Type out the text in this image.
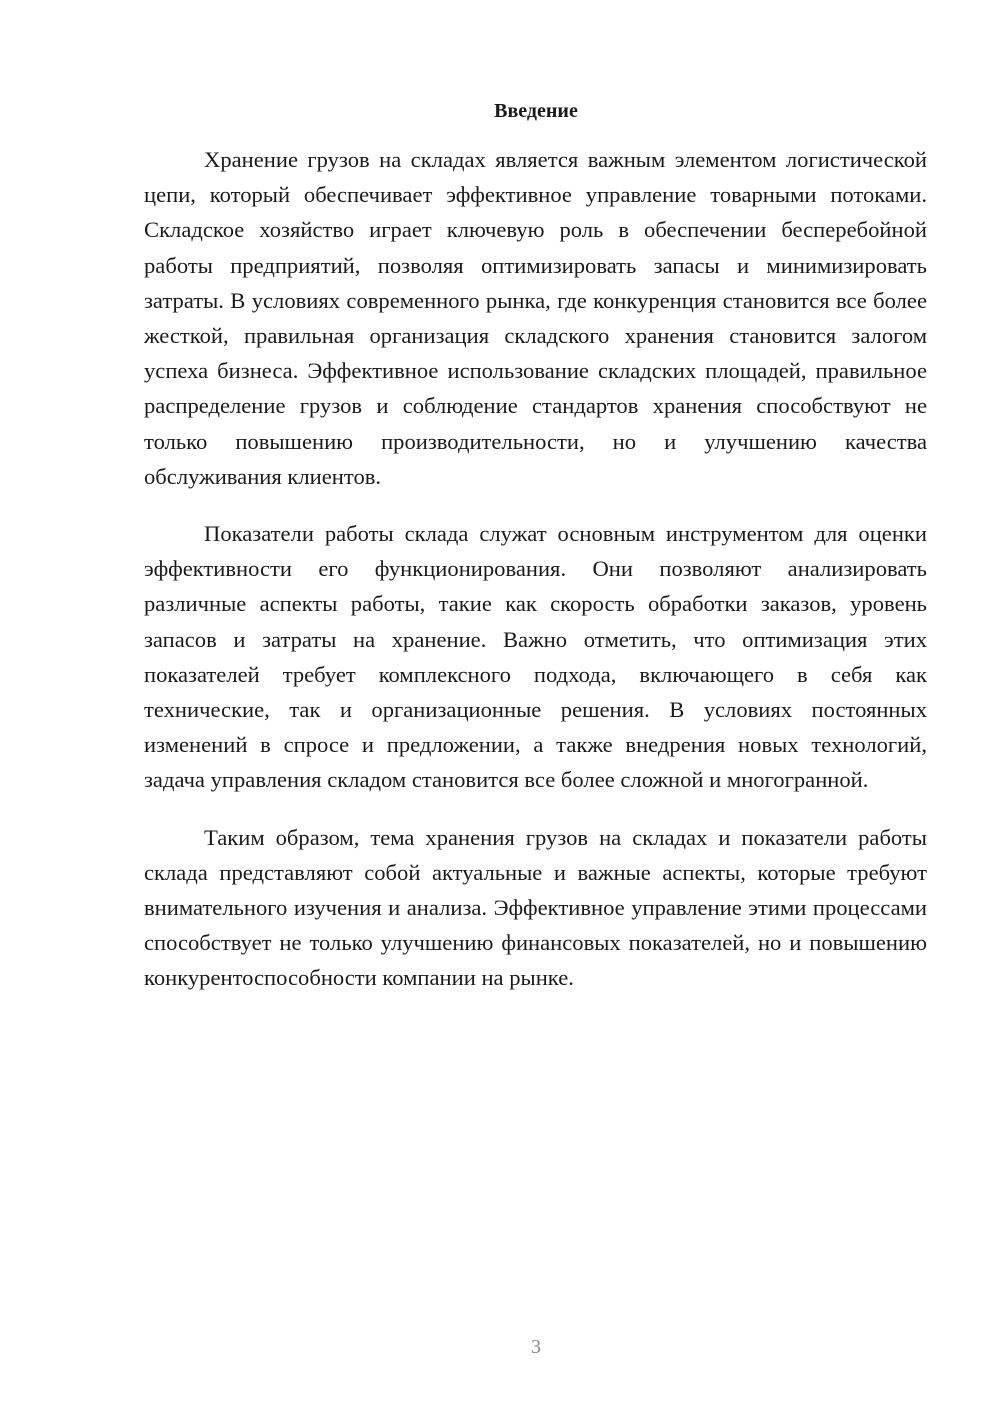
Введение

Хранение грузов на складах является важным элементом логистической цепи, который обеспечивает эффективное управление товарными потоками. Складское хозяйство играет ключевую роль в обеспечении бесперебойной работы предприятий, позволяя оптимизировать запасы и минимизировать затраты. В условиях современного рынка, где конкуренция становится все более жесткой, правильная организация складского хранения становится залогом успеха бизнеса. Эффективное использование складских площадей, правильное распределение грузов и соблюдение стандартов хранения способствуют не только повышению производительности, но и улучшению качества обслуживания клиентов.

Показатели работы склада служат основным инструментом для оценки эффективности его функционирования. Они позволяют анализировать различные аспекты работы, такие как скорость обработки заказов, уровень запасов и затраты на хранение. Важно отметить, что оптимизация этих показателей требует комплексного подхода, включающего в себя как технические, так и организационные решения. В условиях постоянных изменений в спросе и предложении, а также внедрения новых технологий, задача управления складом становится все более сложной и многогранной.

Таким образом, тема хранения грузов на складах и показатели работы склада представляют собой актуальные и важные аспекты, которые требуют внимательного изучения и анализа. Эффективное управление этими процессами способствует не только улучшению финансовых показателей, но и повышению конкурентоспособности компании на рынке.

3
